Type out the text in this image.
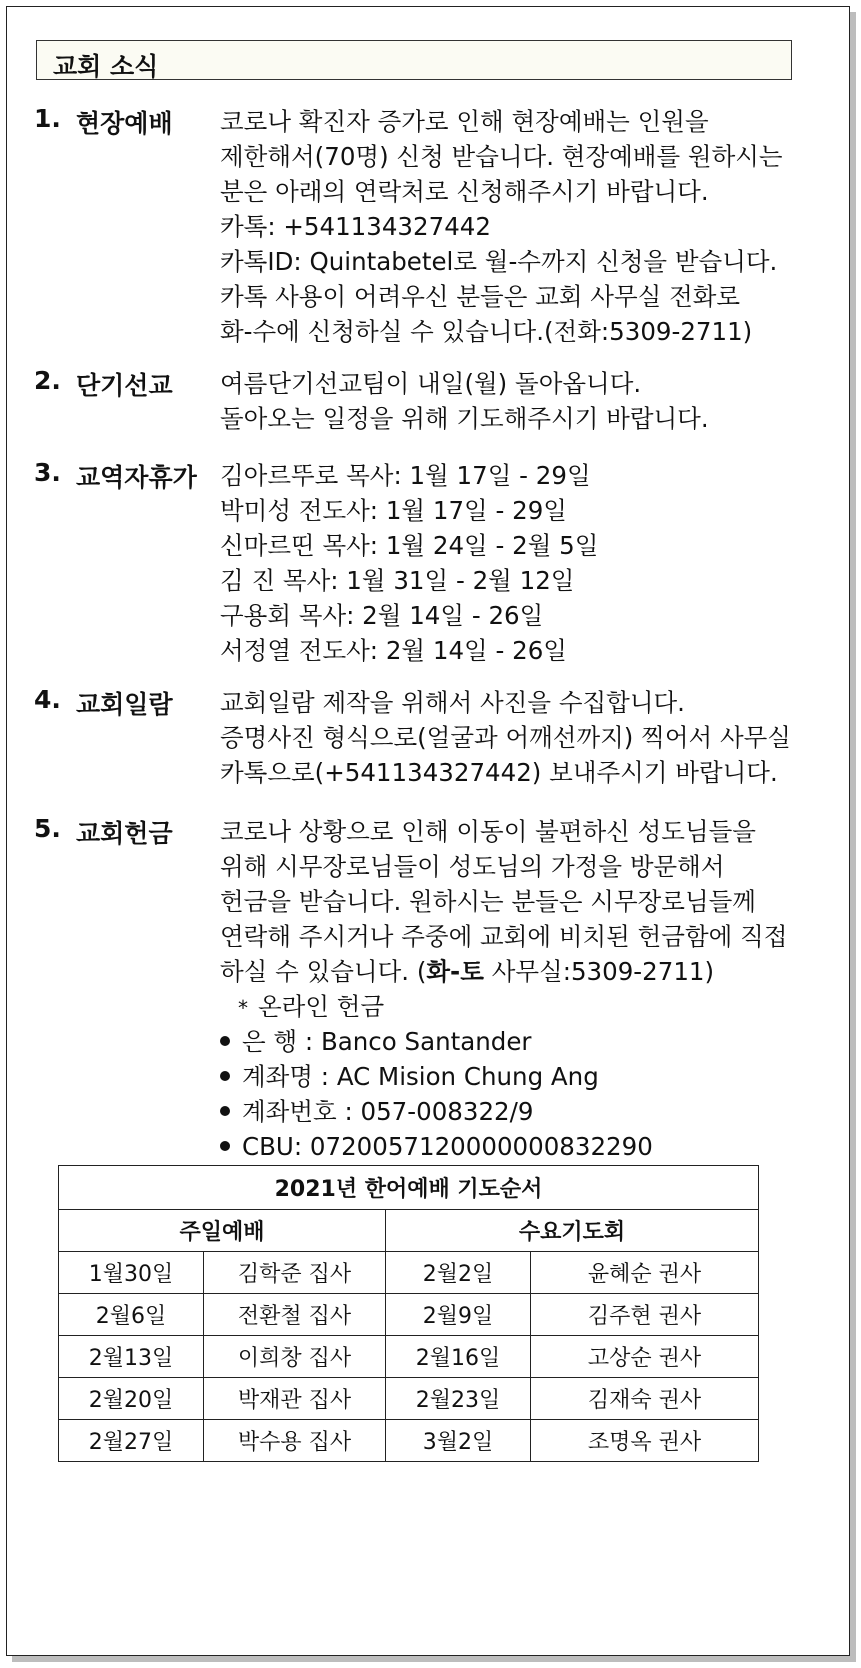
교회 소식
1. 현장예배 코로나 확진자 증가로 인해 현장예배는 인원을
제한해서(70명) 신청 받습니다. 현장예배를 원하시는
분은 아래의 연락처로 신청해주시기 바랍니다.
카톡: +541134327442
카톡ID: Quintabetel로 월-수까지 신청을 받습니다.
카톡 사용이 어려우신 분들은 교회 사무실 전화로
화-수에 신청하실 수 있습니다.(전화:5309-2711)
2. 단기선교 여름단기선교팀이 내일(월) 돌아옵니다.
돌아오는 일정을 위해 기도해주시기 바랍니다.
3. 교역자휴가 김아르뚜로 목사: 1월 17일 - 29일
박미성 전도사: 1월 17일 - 29일
신마르띤 목사: 1월 24일 - 2월 5일
김 진 목사: 1월 31일 - 2월 12일
구용회 목사: 2월 14일 - 26일
서정열 전도사: 2월 14일 - 26일
4. 교회일람 교회일람 제작을 위해서 사진을 수집합니다.
증명사진 형식으로(얼굴과 어깨선까지) 찍어서 사무실
카톡으로(+541134327442) 보내주시기 바랍니다.
5. 교회헌금 코로나 상황으로 인해 이동이 불편하신 성도님들을
위해 시무장로님들이 성도님의 가정을 방문해서
헌금을 받습니다. 원하시는 분들은 시무장로님들께
연락해 주시거나 주중에 교회에 비치된 헌금함에 직접
하실 수 있습니다. (화-토 사무실:5309-2711)
* 온라인 헌금
은 행 : Banco Santander
계좌명 : AC Mision Chung Ang
계좌번호 : 057-008322/9
CBU: 0720057120000000832290
2021년 한어예배 기도순서			
주일예배		수요기도회	
1월30일	김학준 집사	2월2일	윤혜순 권사
2월6일	전환철 집사	2월9일	김주현 권사
2월13일	이희창 집사	2월16일	고상순 권사
2월20일	박재관 집사	2월23일	김재숙 권사
2월27일	박수용 집사	3월2일	조명옥 권사
